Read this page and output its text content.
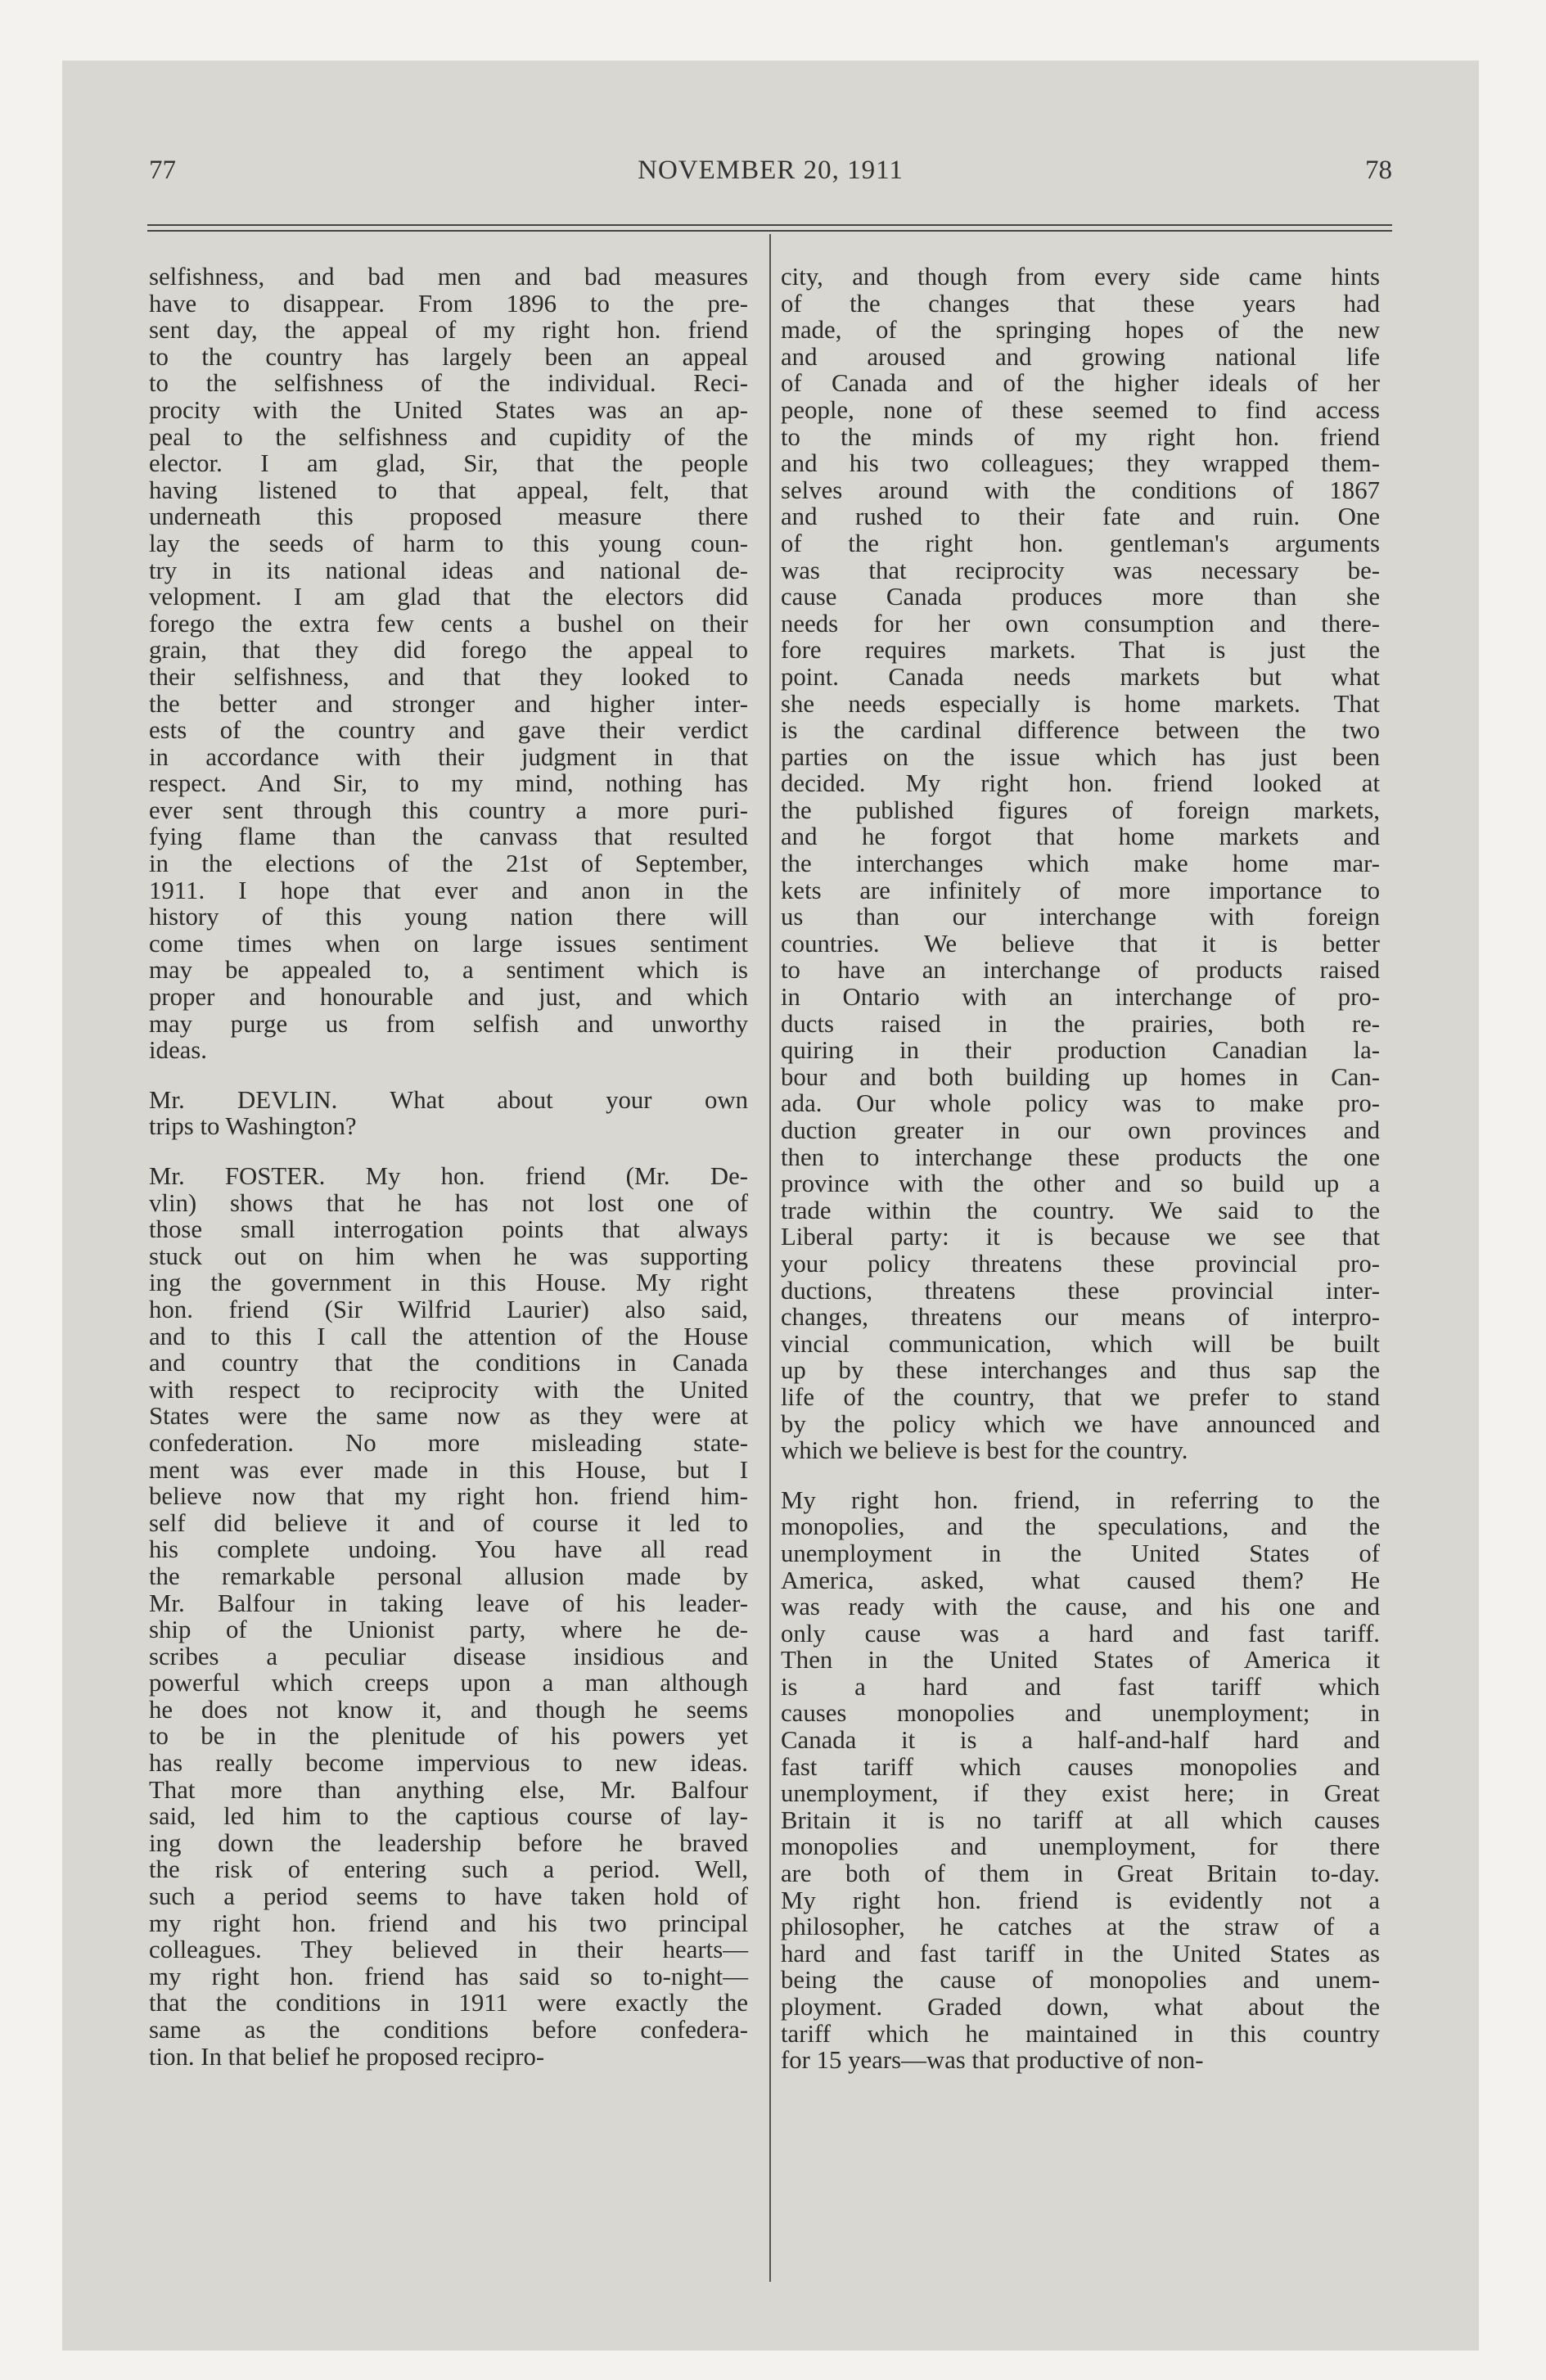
77	NOVEMBER 20, 1911	78
selfishness, and bad men and bad measures
have to disappear. From 1896 to the pre-
sent day, the appeal of my right hon. friend
to the country has largely been an appeal
to the selfishness of the individual. Reci-
procity with the United States was an ap-
peal to the selfishness and cupidity of the
elector. I am glad, Sir, that the people
having listened to that appeal, felt, that
underneath this proposed measure there
lay the seeds of harm to this young coun-
try in its national ideas and national de-
velopment. I am glad that the electors did
forego the extra few cents a bushel on their
grain, that they did forego the appeal to
their selfishness, and that they looked to
the better and stronger and higher inter-
ests of the country and gave their verdict
in accordance with their judgment in that
respect. And Sir, to my mind, nothing has
ever sent through this country a more puri-
fying flame than the canvass that resulted
in the elections of the 21st of September,
1911. I hope that ever and anon in the
history of this young nation there will
come times when on large issues sentiment
may be appealed to, a sentiment which is
proper and honourable and just, and which
may purge us from selfish and unworthy
ideas.
Mr. DEVLIN. What about your own
trips to Washington?
Mr. FOSTER. My hon. friend (Mr. De-
vlin) shows that he has not lost one of
those small interrogation points that always
stuck out on him when he was supporting
ing the government in this House. My right
hon. friend (Sir Wilfrid Laurier) also said,
and to this I call the attention of the House
and country that the conditions in Canada
with respect to reciprocity with the United
States were the same now as they were at
confederation. No more misleading state-
ment was ever made in this House, but I
believe now that my right hon. friend him-
self did believe it and of course it led to
his complete undoing. You have all read
the remarkable personal allusion made by
Mr. Balfour in taking leave of his leader-
ship of the Unionist party, where he de-
scribes a peculiar disease insidious and
powerful which creeps upon a man although
he does not know it, and though he seems
to be in the plenitude of his powers yet
has really become impervious to new ideas.
That more than anything else, Mr. Balfour
said, led him to the captious course of lay-
ing down the leadership before he braved
the risk of entering such a period. Well,
such a period seems to have taken hold of
my right hon. friend and his two principal
colleagues. They believed in their hearts—
my right hon. friend has said so to-night—
that the conditions in 1911 were exactly the
same as the conditions before confedera-
tion. In that belief he proposed recipro-
city, and though from every side came hints
of the changes that these years had
made, of the springing hopes of the new
and aroused and growing national life
of Canada and of the higher ideals of her
people, none of these seemed to find access
to the minds of my right hon. friend
and his two colleagues; they wrapped them-
selves around with the conditions of 1867
and rushed to their fate and ruin. One
of the right hon. gentleman's arguments
was that reciprocity was necessary be-
cause Canada produces more than she
needs for her own consumption and there-
fore requires markets. That is just the
point. Canada needs markets but what
she needs especially is home markets. That
is the cardinal difference between the two
parties on the issue which has just been
decided. My right hon. friend looked at
the published figures of foreign markets,
and he forgot that home markets and
the interchanges which make home mar-
kets are infinitely of more importance to
us than our interchange with foreign
countries. We believe that it is better
to have an interchange of products raised
in Ontario with an interchange of pro-
ducts raised in the prairies, both re-
quiring in their production Canadian la-
bour and both building up homes in Can-
ada. Our whole policy was to make pro-
duction greater in our own provinces and
then to interchange these products the one
province with the other and so build up a
trade within the country. We said to the
Liberal party: it is because we see that
your policy threatens these provincial pro-
ductions, threatens these provincial inter-
changes, threatens our means of interpro-
vincial communication, which will be built
up by these interchanges and thus sap the
life of the country, that we prefer to stand
by the policy which we have announced and
which we believe is best for the country.
My right hon. friend, in referring to the
monopolies, and the speculations, and the
unemployment in the United States of
America, asked, what caused them? He
was ready with the cause, and his one and
only cause was a hard and fast tariff.
Then in the United States of America it
is a hard and fast tariff which
causes monopolies and unemployment; in
Canada it is a half-and-half hard and
fast tariff which causes monopolies and
unemployment, if they exist here; in Great
Britain it is no tariff at all which causes
monopolies and unemployment, for there
are both of them in Great Britain to-day.
My right hon. friend is evidently not a
philosopher, he catches at the straw of a
hard and fast tariff in the United States as
being the cause of monopolies and unem-
ployment. Graded down, what about the
tariff which he maintained in this country
for 15 years—was that productive of non-
